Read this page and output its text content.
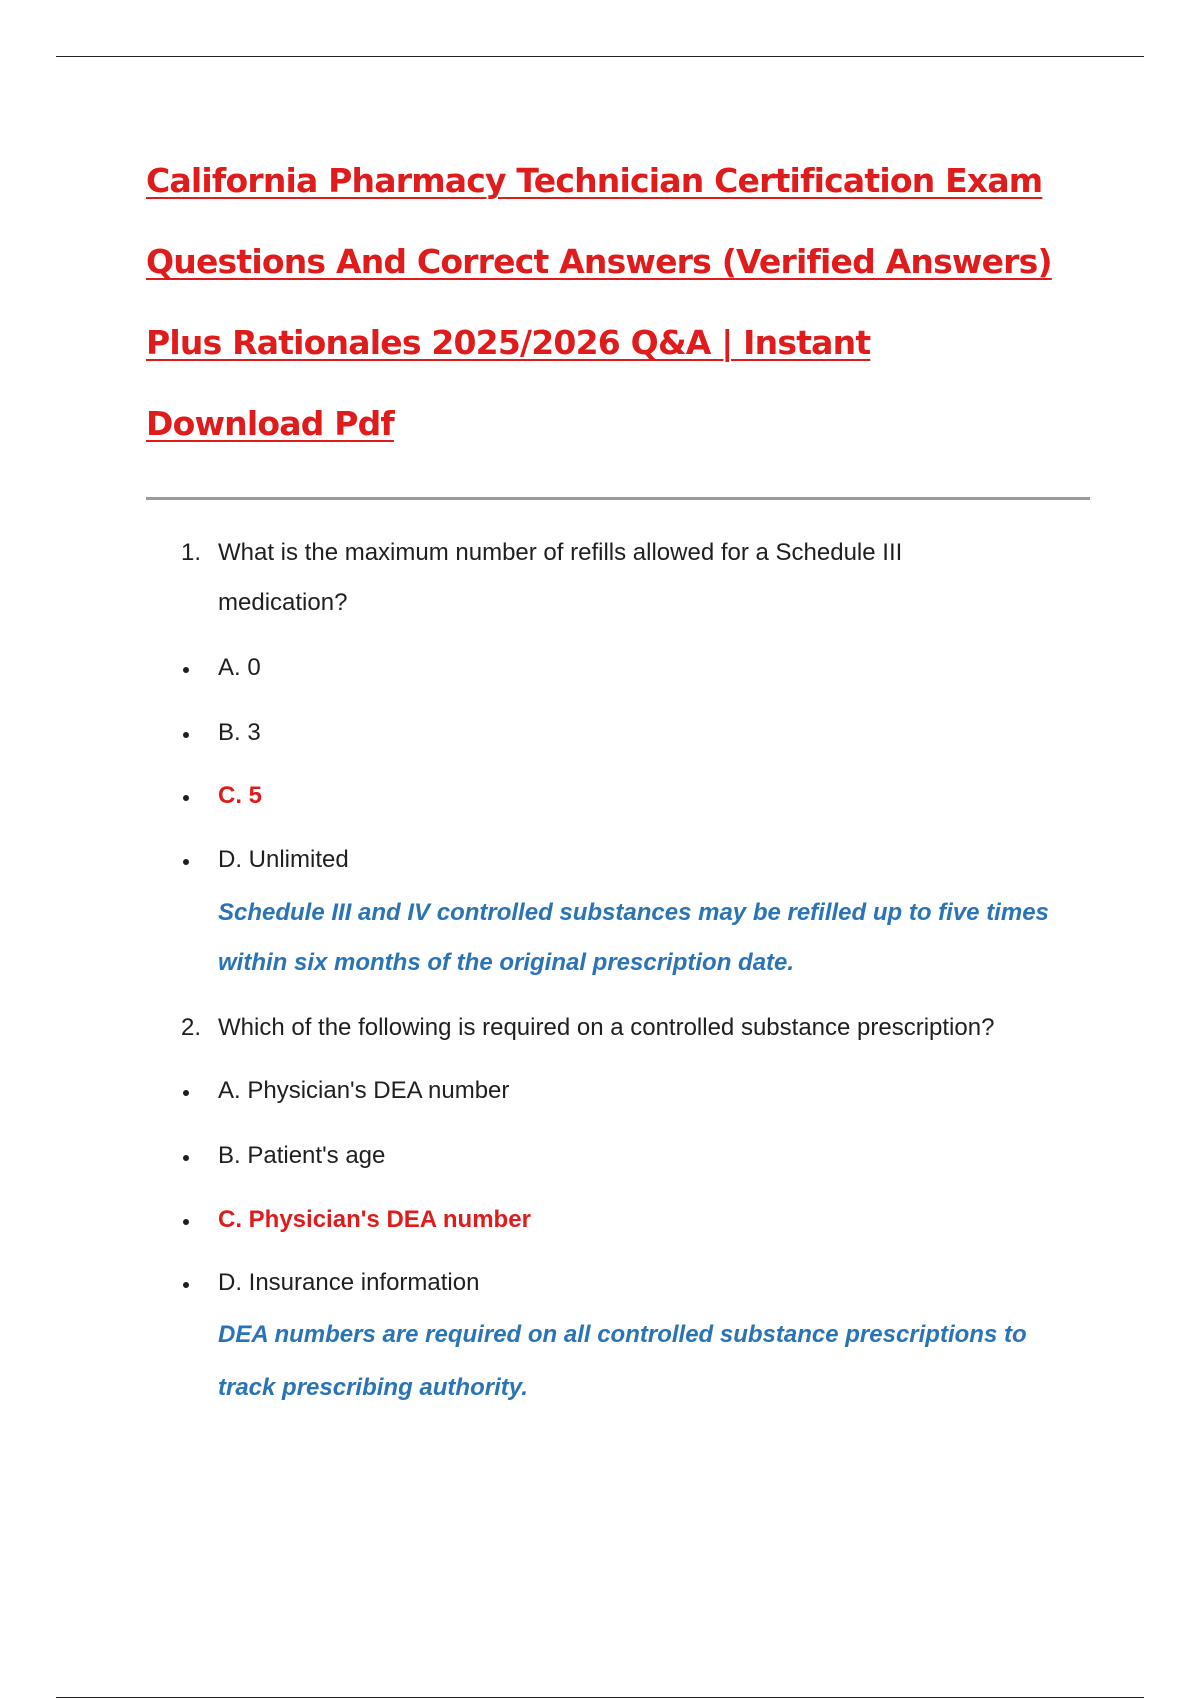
California Pharmacy Technician Certification Exam
Questions And Correct Answers (Verified Answers)
Plus Rationales 2025/2026 Q&A | Instant
Download Pdf
1. What is the maximum number of refills allowed for a Schedule III
medication?
A. 0
B. 3
C. 5
D. Unlimited
Schedule III and IV controlled substances may be refilled up to five times
within six months of the original prescription date.
2. Which of the following is required on a controlled substance prescription?
A. Physician's DEA number
B. Patient's age
C. Physician's DEA number
D. Insurance information
DEA numbers are required on all controlled substance prescriptions to
track prescribing authority.
